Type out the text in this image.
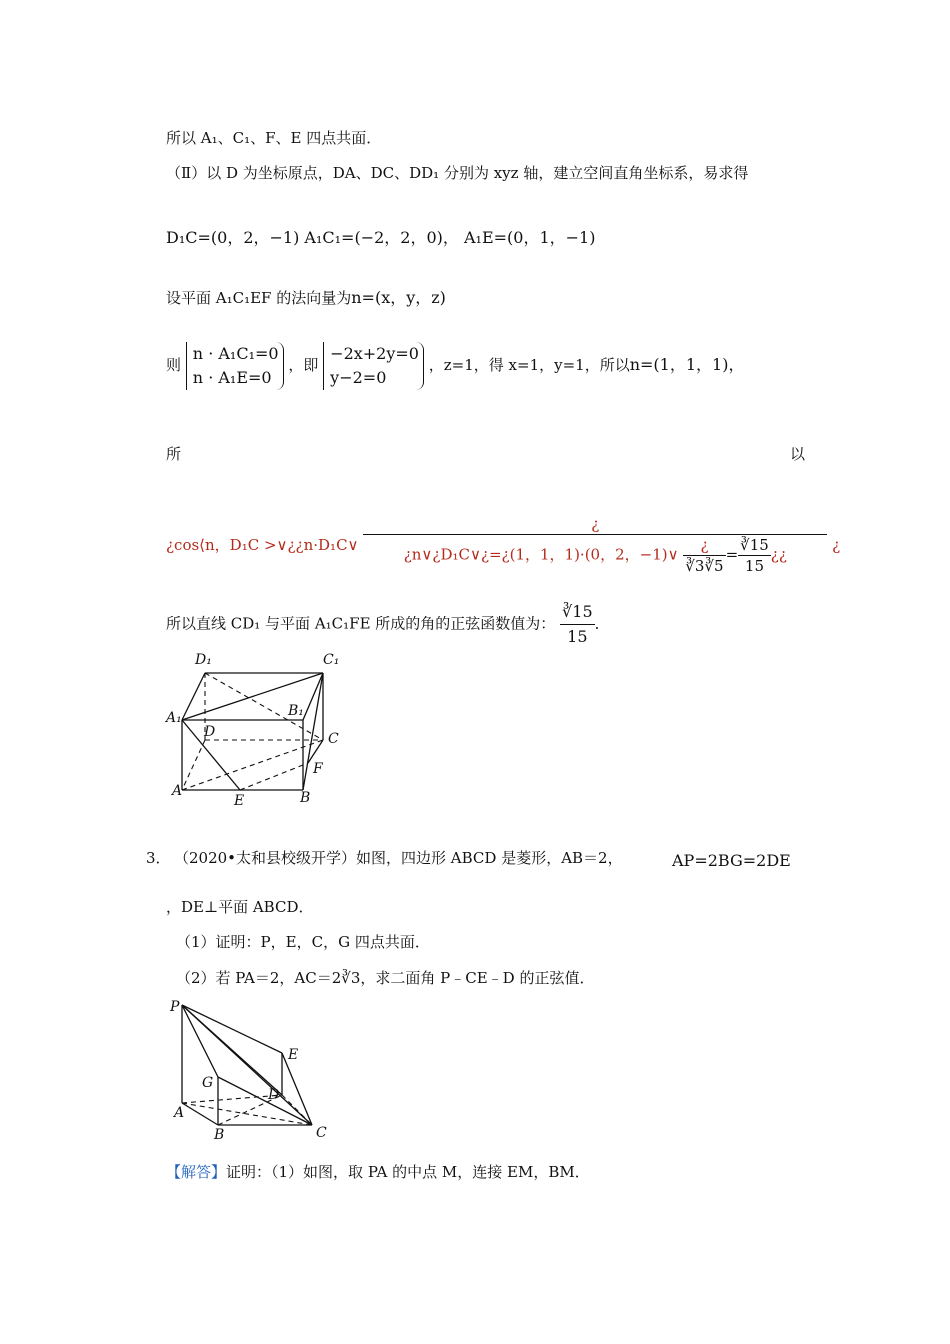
所以 A₁、C₁、F、E 四点共面．
（Ⅱ）以 D 为坐标原点，DA、DC、DD₁ 分别为 xyz 轴，建立空间直角坐标系，易求得
D₁C=(0，2，−1) A₁C₁=(−2，2，0)， A₁E=(0，1，−1)
设平面 A₁C₁EF 的法向量为n=(x，y，z)
则
n · A₁C₁=0
n · A₁E=0
，即
−2x+2y=0
y−2=0
，z=1，得 x=1，y=1，所以n=(1，1，1)，
所	以
¿cos⟨n，D₁C >∨¿¿n·D₁C∨
¿
¿n∨¿D₁C∨¿=¿(1，1，1)·(0，2，−1)∨ $\frac{¿}{∛3∛5} = \frac{∛15}{15}$ ¿¿
¿
所以直线 CD₁ 与平面 A₁C₁FE 所成的角的正弦函数值为： $\frac{∛15}{15}$ ．
D₁	C₁
A₁	B₁
D	C
F
A
E	B
3． （2020•太和县校级开学）如图，四边形 ABCD 是菱形，AB＝2，	AP=2BG=2DE
，DE⊥平面 ABCD．
（1）证明：P，E，C，G 四点共面．
（2）若 PA＝2，AC＝2∛3，求二面角 P﹣CE﹣D 的正弦值．
P
E
G
D
A
B	C
【解答】证明：（1）如图，取 PA 的中点 M，连接 EM，BM．
